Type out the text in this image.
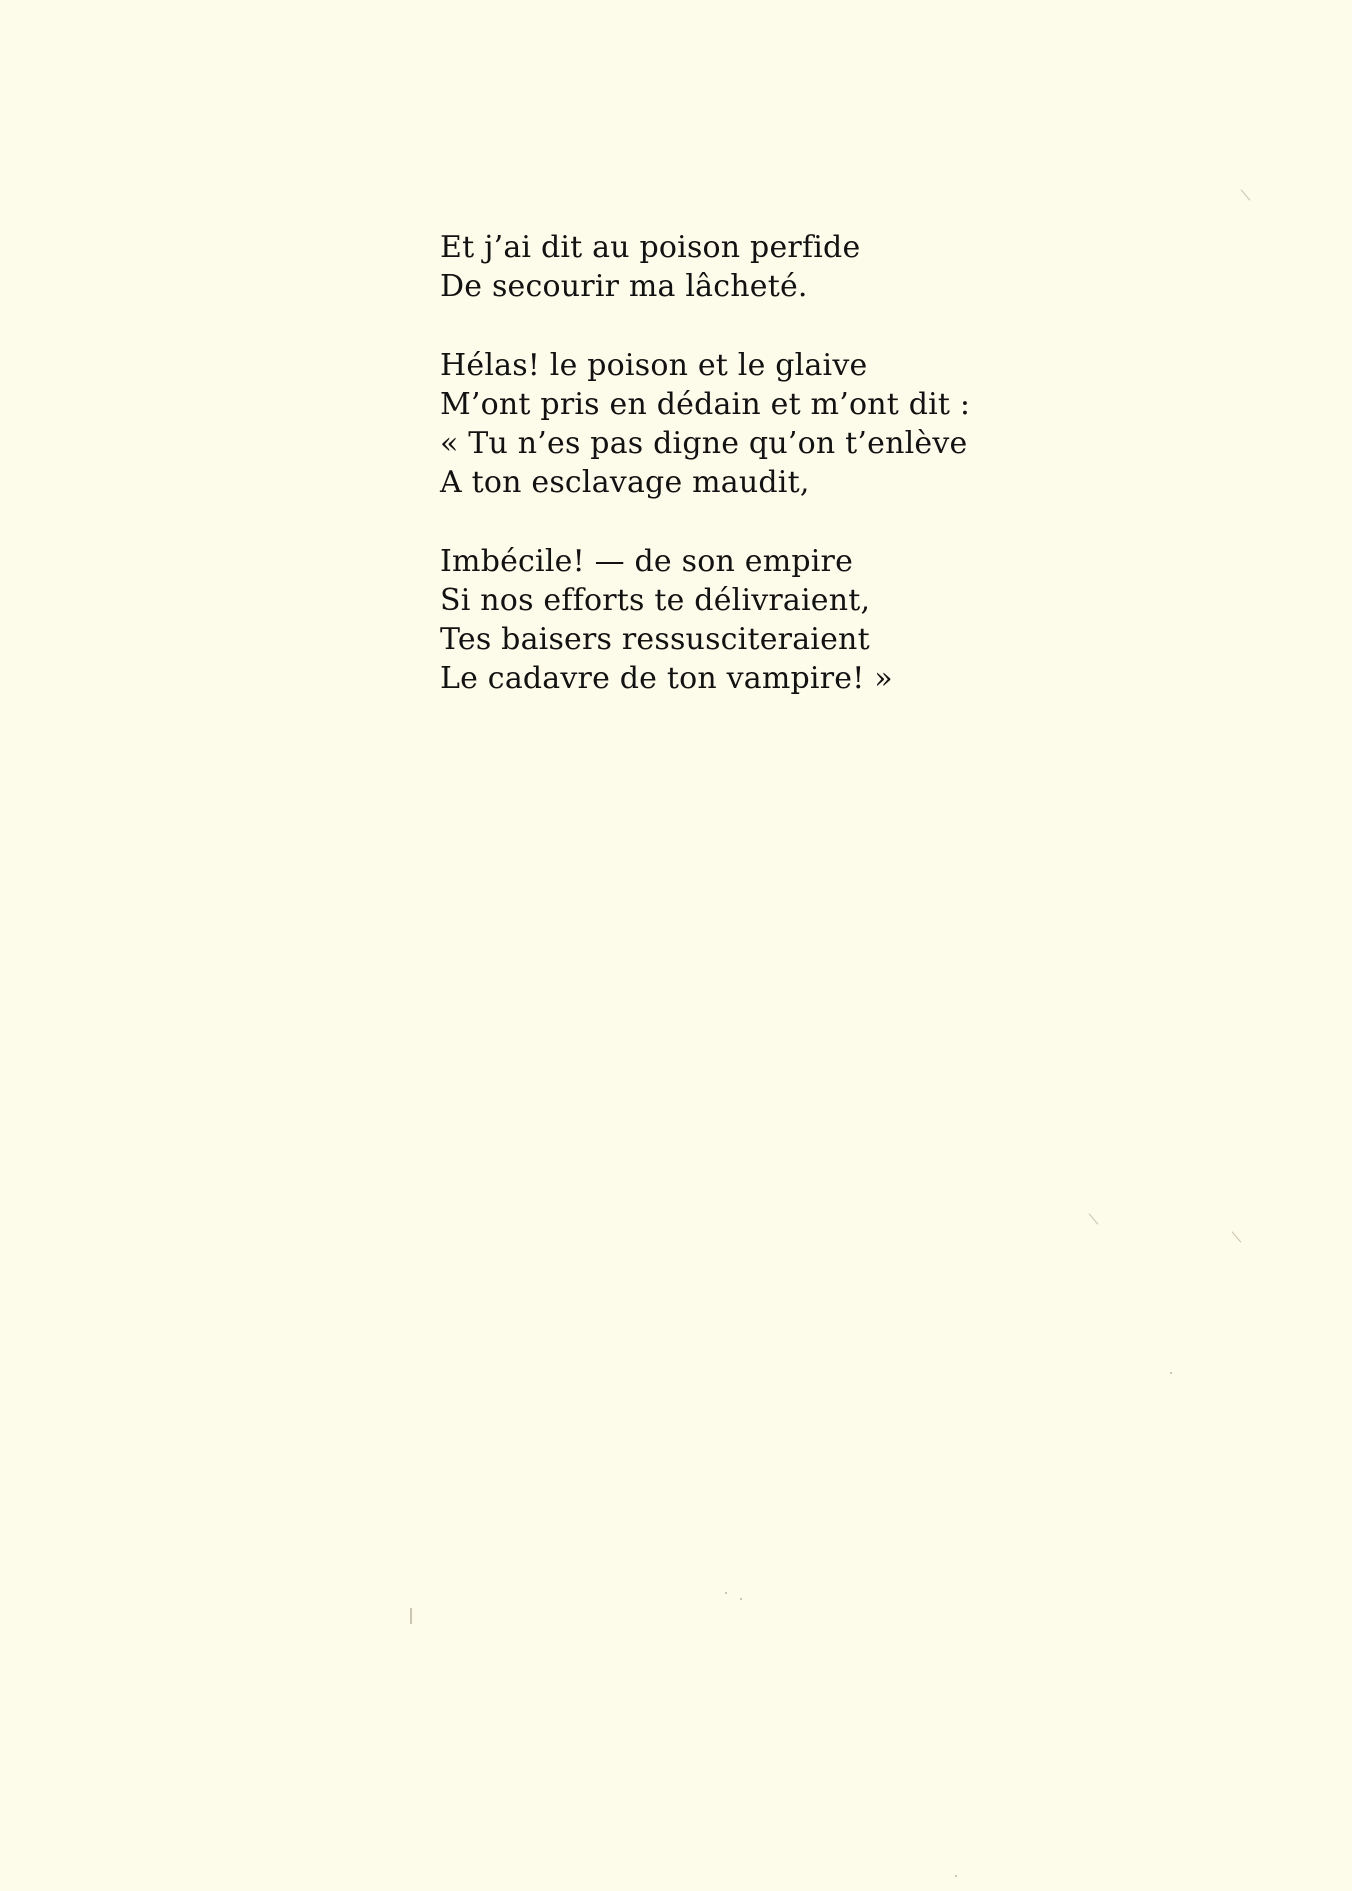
Et j’ai dit au poison perfide
De secourir ma lâcheté.
Hélas! le poison et le glaive
M’ont pris en dédain et m’ont dit :
« Tu n’es pas digne qu’on t’enlève
A ton esclavage maudit,
Imbécile! — de son empire
Si nos efforts te délivraient,
Tes baisers ressusciteraient
Le cadavre de ton vampire! »
